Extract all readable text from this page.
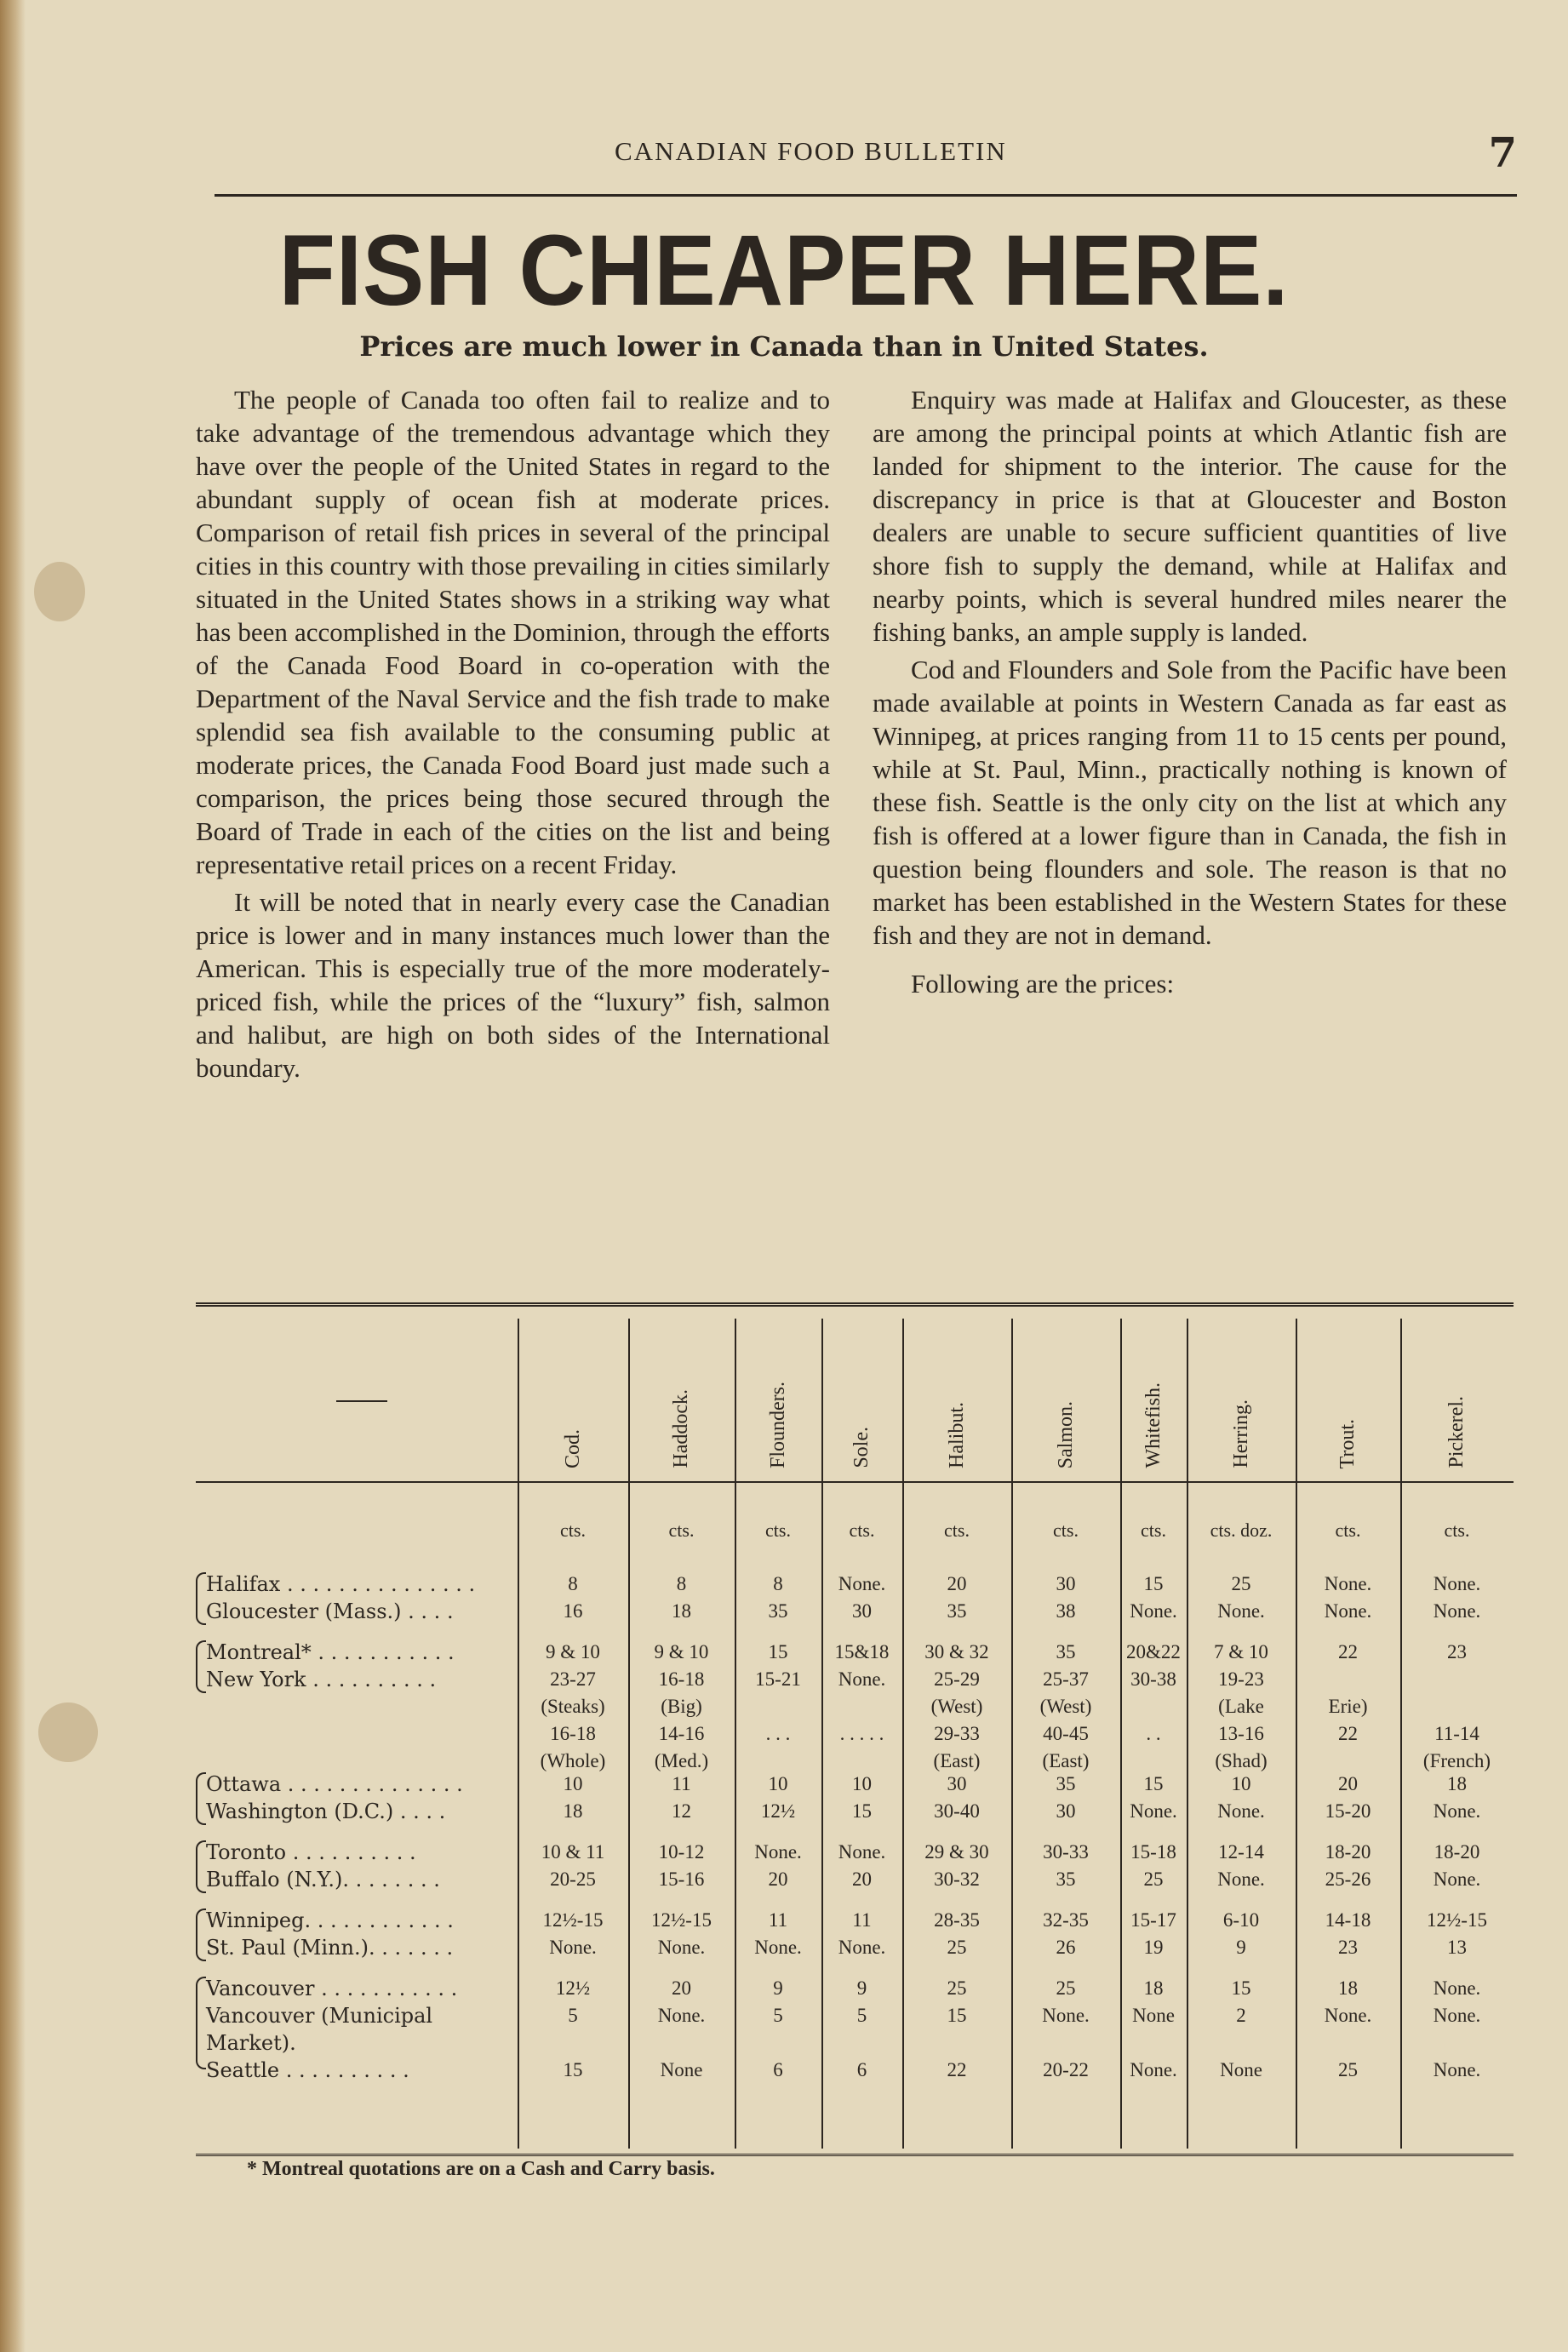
CANADIAN FOOD BULLETIN	7
FISH CHEAPER HERE.
Prices are much lower in Canada than in United States.

The people of Canada too often fail to realize and to take advantage of the tremendous advantage which they have over the people of the United States in regard to the abundant supply of ocean fish at moderate prices. Comparison of retail fish prices in several of the principal cities in this country with those prevailing in cities similarly situated in the United States shows in a striking way what has been accomplished in the Dominion, through the efforts of the Canada Food Board in co-operation with the Department of the Naval Service and the fish trade to make splendid sea fish available to the consuming public at moderate prices, the Canada Food Board just made such a comparison, the prices being those secured through the Board of Trade in each of the cities on the list and being representative retail prices on a recent Friday.

It will be noted that in nearly every case the Canadian price is lower and in many instances much lower than the American. This is especially true of the more moderately-priced fish, while the prices of the “luxury” fish, salmon and halibut, are high on both sides of the International boundary.

Enquiry was made at Halifax and Gloucester, as these are among the principal points at which Atlantic fish are landed for shipment to the interior. The cause for the discrepancy in price is that at Gloucester and Boston dealers are unable to secure sufficient quantities of live shore fish to supply the demand, while at Halifax and nearby points, which is several hundred miles nearer the fishing banks, an ample supply is landed.

Cod and Flounders and Sole from the Pacific have been made available at points in Western Canada as far east as Winnipeg, at prices ranging from 11 to 15 cents per pound, while at St. Paul, Minn., practically nothing is known of these fish. Seattle is the only city on the list at which any fish is offered at a lower figure than in Canada, the fish in question being flounders and sole. The reason is that no market has been established in the Western States for these fish and they are not in demand.

Following are the prices:

Cod.
cts.
Haddock.
cts.
Flounders.
cts.
Sole.
cts.
Halibut.
cts.
Salmon.
cts.
Whitefish.
cts.
Herring.
cts. doz.
Trout.
cts.
Pickerel.
cts.
Halifax . . . . . . . . . . . . . . .
Gloucester (Mass.) . . . .
8
16
8
18
8
35
None.
30
20
35
30
38
15
None.
25
None.
None.
None.
None.
None.
Montreal* . . . . . . . . . . .
New York . . . . . . . . . .
9 & 10
23-27
(Steaks)
16-18
(Whole)
9 & 10
16-18
(Big)
14-16
(Med.)
15
15-21

. . .
15&18
None.

. . . . .
30 & 32
25-29
(West)
29-33
(East)
35
25-37
(West)
40-45
(East)
20&22
30-38

. .
7 & 10
19-23
(Lake
13-16
(Shad)
22

Erie)
22
23

11-14
(French)
Ottawa . . . . . . . . . . . . . .
Washington (D.C.) . . . .
10
18
11
12
10
12½
10
15
30
30-40
35
30
15
None.
10
None.
20
15-20
18
None.
Toronto . . . . . . . . . .
Buffalo (N.Y.). . . . . . . .
10 & 11
20-25
10-12
15-16
None.
20
None.
20
29 & 30
30-32
30-33
35
15-18
25
12-14
None.
18-20
25-26
18-20
None.
Winnipeg. . . . . . . . . . . .
St. Paul (Minn.). . . . . . .
12½-15
None.
12½-15
None.
11
None.
11
None.
28-35
25
32-35
26
15-17
19
6-10
9
14-18
23
12½-15
13
Vancouver . . . . . . . . . . .
Vancouver (Municipal Market).
Seattle . . . . . . . . . .
12½
5

15
20
None.

None
9
5

6
9
5

6
25
15

22
25
None.

20-22
18
None

None.
15
2

None
18
None.

25
None.
None.

None.
* Montreal quotations are on a Cash and Carry basis.
